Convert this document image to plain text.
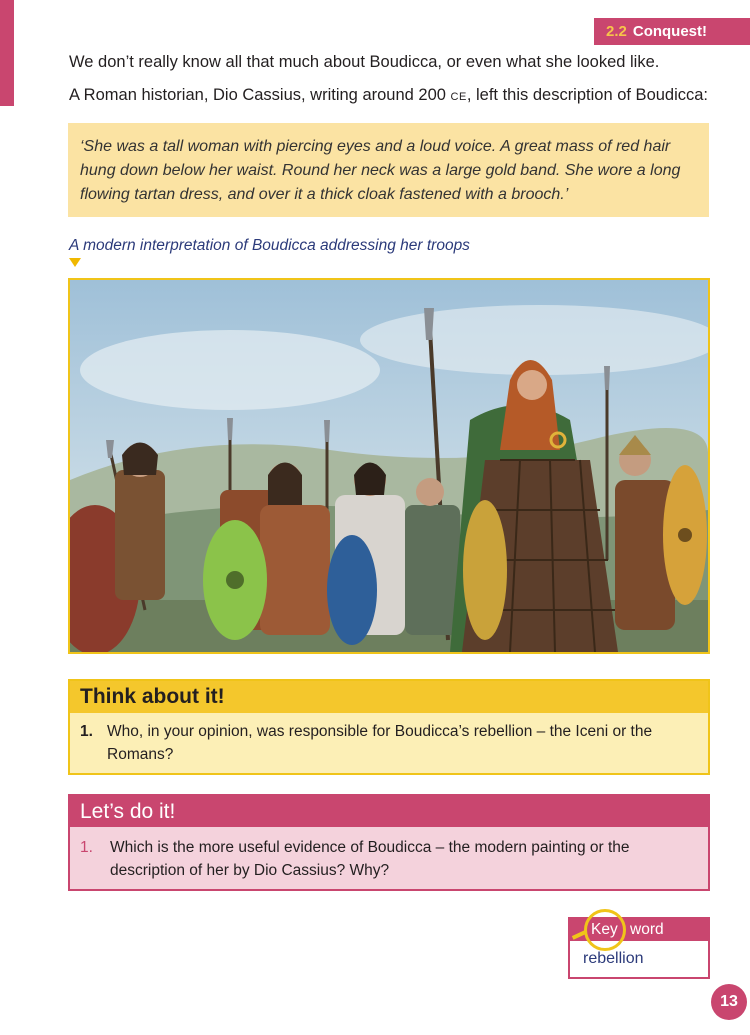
2.2 Conquest!

We don’t really know all that much about Boudicca, or even what she looked like.

A Roman historian, Dio Cassius, writing around 200 CE, left this description of Boudicca:

‘She was a tall woman with piercing eyes and a loud voice. A great mass of red hair hung down below her waist. Round her neck was a large gold band. She wore a long flowing tartan dress, and over it a thick cloak fastened with a brooch.’

A modern interpretation of Boudicca addressing her troops

Think about it!
1. Who, in your opinion, was responsible for Boudicca’s rebellion – the Iceni or the Romans?
Let’s do it!
1.	Which is the more useful evidence of Boudicca – the modern painting or the description of her by Dio Cassius? Why?
Key word
rebellion
13
